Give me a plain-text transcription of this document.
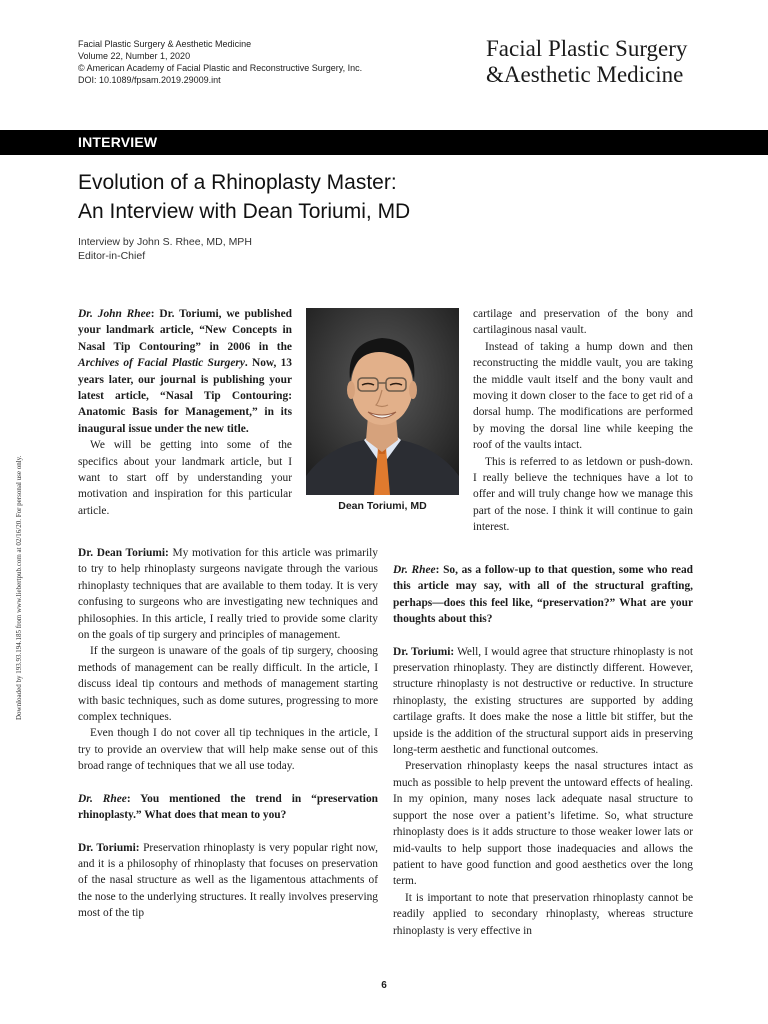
Facial Plastic Surgery & Aesthetic Medicine
Volume 22, Number 1, 2020
© American Academy of Facial Plastic and Reconstructive Surgery, Inc.
DOI: 10.1089/fpsam.2019.29009.int
Facial Plastic Surgery
&Aesthetic Medicine
INTERVIEW
Evolution of a Rhinoplasty Master:
An Interview with Dean Toriumi, MD
Interview by John S. Rhee, MD, MPH
Editor-in-Chief
Downloaded by 193.93.194.185 from www.liebertpub.com at 02/16/20. For personal use only.

Dr. John Rhee: Dr. Toriumi, we published your landmark article, “New Concepts in Nasal Tip Contouring” in 2006 in the Archives of Facial Plastic Surgery. Now, 13 years later, our journal is publishing your latest article, “Nasal Tip Contouring: Anatomic Basis for Management,” in its inaugural issue under the new title.

We will be getting into some of the specifics about your landmark article, but I want to start off by understanding your motivation and inspiration for this particular article.	Dean Toriumi, MD

Dr. Dean Toriumi: My motivation for this article was primarily to try to help rhinoplasty surgeons navigate through the various rhinoplasty techniques that are available to them today. It is very confusing to surgeons who are investigating new techniques and philosophies. In this article, I really tried to provide some clarity on the goals of tip surgery and principles of management.

If the surgeon is unaware of the goals of tip surgery, choosing methods of management can be really difficult. In the article, I discuss ideal tip contours and methods of management starting with basic techniques, such as dome sutures, progressing to more complex techniques.

Even though I do not cover all tip techniques in the article, I try to provide an overview that will help make sense out of this broad range of techniques that we all use today.

Dr. Rhee: You mentioned the trend in “preservation rhinoplasty.” What does that mean to you?

Dr. Toriumi: Preservation rhinoplasty is very popular right now, and it is a philosophy of rhinoplasty that focuses on preservation of the nasal structure as well as the ligamentous attachments of the nose to the underlying structures. It really involves preserving most of the tip

cartilage and preservation of the bony and cartilaginous nasal vault.

Instead of taking a hump down and then reconstructing the middle vault, you are taking the middle vault itself and the bony vault and moving it down closer to the face to get rid of a dorsal hump. The modifications are performed by moving the dorsal line while keeping the roof of the vaults intact.

This is referred to as letdown or push-down. I really believe the techniques have a lot to offer and will truly change how we manage this part of the nose. I think it will continue to gain interest.

Dr. Rhee: So, as a follow-up to that question, some who read this article may say, with all of the structural grafting, perhaps—does this feel like, “preservation?” What are your thoughts about this?

Dr. Toriumi: Well, I would agree that structure rhinoplasty is not preservation rhinoplasty. They are distinctly different. However, structure rhinoplasty is not destructive or reductive. In structure rhinoplasty, the existing structures are supported by adding cartilage grafts. It does make the nose a little bit stiffer, but the upside is the addition of the structural support aids in preserving long-term aesthetic and functional outcomes.

Preservation rhinoplasty keeps the nasal structures intact as much as possible to help prevent the untoward effects of healing. In my opinion, many noses lack adequate nasal structure to support the nose over a patient’s lifetime. So, what structure rhinoplasty does is it adds structure to those weaker lower lats or mid-vaults to help support those inadequacies and allows the patient to have good function and good aesthetics over the long term.

It is important to note that preservation rhinoplasty cannot be readily applied to secondary rhinoplasty, whereas structure rhinoplasty is very effective in

6
